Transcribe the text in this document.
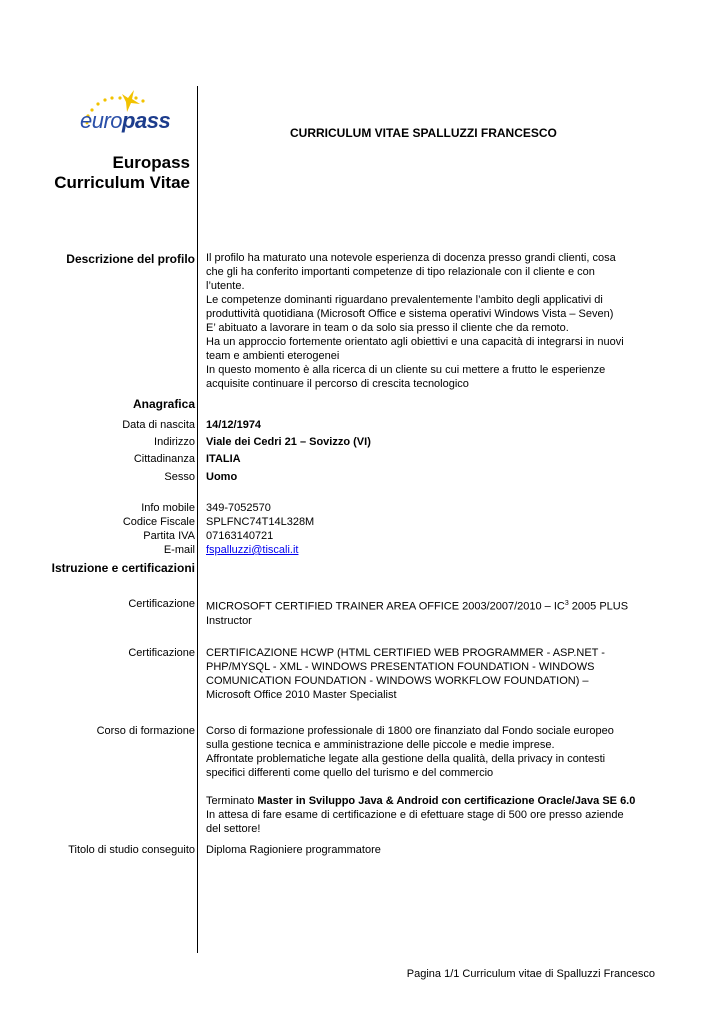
europass	CURRICULUM VITAE SPALLUZZI FRANCESCO
Europass
Curriculum Vitae
Descrizione del profilo Il profilo ha maturato una notevole esperienza di docenza presso grandi clienti, cosa che gli ha conferito importanti competenze di tipo relazionale con il cliente e con l’utente.
Le competenze dominanti riguardano prevalentemente l’ambito degli applicativi di produttività quotidiana (Microsoft Office e sistema operativi Windows Vista – Seven)
E’ abituato a lavorare in team o da solo sia presso il cliente che da remoto.
Ha un approccio fortemente orientato agli obiettivi e una capacità di integrarsi in nuovi team e ambienti eterogenei
In questo momento è alla ricerca di un cliente su cui mettere a frutto le esperienze acquisite continuare il percorso di crescita tecnologico
Anagrafica
Data di nascita 14/12/1974
Indirizzo Viale dei Cedri 21 – Sovizzo (VI)
Cittadinanza ITALIA
Sesso Uomo
Info mobile 349-7052570
Codice Fiscale SPLFNC74T14L328M
Partita IVA 07163140721
E-mail fspalluzzi@tiscali.it
Istruzione e certificazioni
Certificazione MICROSOFT CERTIFIED TRAINER AREA OFFICE $2003/2007/2010 - IC^3$ 2005 PLUS Instructor
Certificazione CERTIFICAZIONE HCWP (HTML CERTIFIED WEB PROGRAMMER - ASP.NET - PHP/MYSQL - XML - WINDOWS PRESENTATION FOUNDATION - WINDOWS COMUNICATION FOUNDATION - WINDOWS WORKFLOW FOUNDATION) – Microsoft Office 2010 Master Specialist
Corso di formazione Corso di formazione professionale di 1800 ore finanziato dal Fondo sociale europeo sulla gestione tecnica e amministrazione delle piccole e medie imprese.
Affrontate problematiche legate alla gestione della qualità, della privacy in contesti specifici differenti come quello del turismo e del commercio
Terminato Master in Sviluppo Java & Android con certificazione Oracle/Java SE 6.0 In attesa di fare esame di certificazione e di efettuare stage di 500 ore presso aziende del settore!
Titolo di studio conseguito Diploma Ragioniere programmatore
Pagina 1/1 Curriculum vitae di Spalluzzi Francesco
